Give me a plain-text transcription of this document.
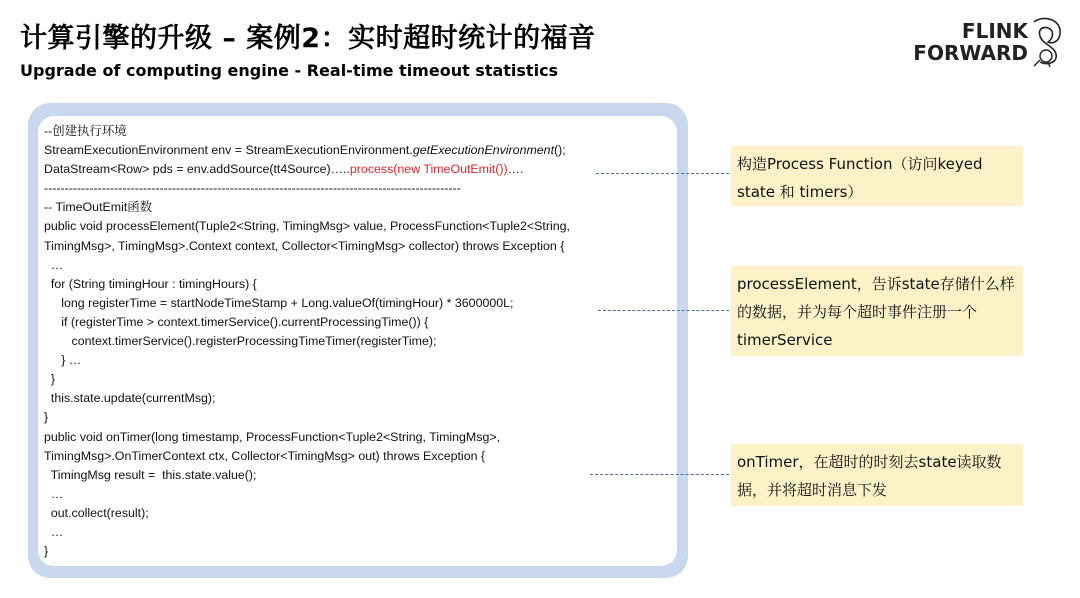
计算引擎的升级 – 案例2：实时超时统计的福音
Upgrade of computing engine - Real-time timeout statistics
FLINK
FORWARD
--创建执行环境
StreamExecutionEnvironment env = StreamExecutionEnvironment.getExecutionEnvironment();
DataStream<Row> pds = env.addSource(tt4Source)…..process(new TimeOutEmit())….
-----------------------------------------------------------------------------------------------------
-- TimeOutEmit函数
public void processElement(Tuple2<String, TimingMsg> value, ProcessFunction<Tuple2<String,
TimingMsg>, TimingMsg>.Context context, Collector<TimingMsg> collector) throws Exception {
…
for (String timingHour : timingHours) {
long registerTime = startNodeTimeStamp + Long.valueOf(timingHour) * 3600000L;
if (registerTime > context.timerService().currentProcessingTime()) {
context.timerService().registerProcessingTimeTimer(registerTime);
} …
}
this.state.update(currentMsg);
}
public void onTimer(long timestamp, ProcessFunction<Tuple2<String, TimingMsg>,
TimingMsg>.OnTimerContext ctx, Collector<TimingMsg> out) throws Exception {
TimingMsg result =  this.state.value();
…
out.collect(result);
…
}
构造Process Function（访问keyed state 和 timers）
processElement，告诉state存储什么样的数据，并为每个超时事件注册一个timerService
onTimer，在超时的时刻去state读取数据，并将超时消息下发
